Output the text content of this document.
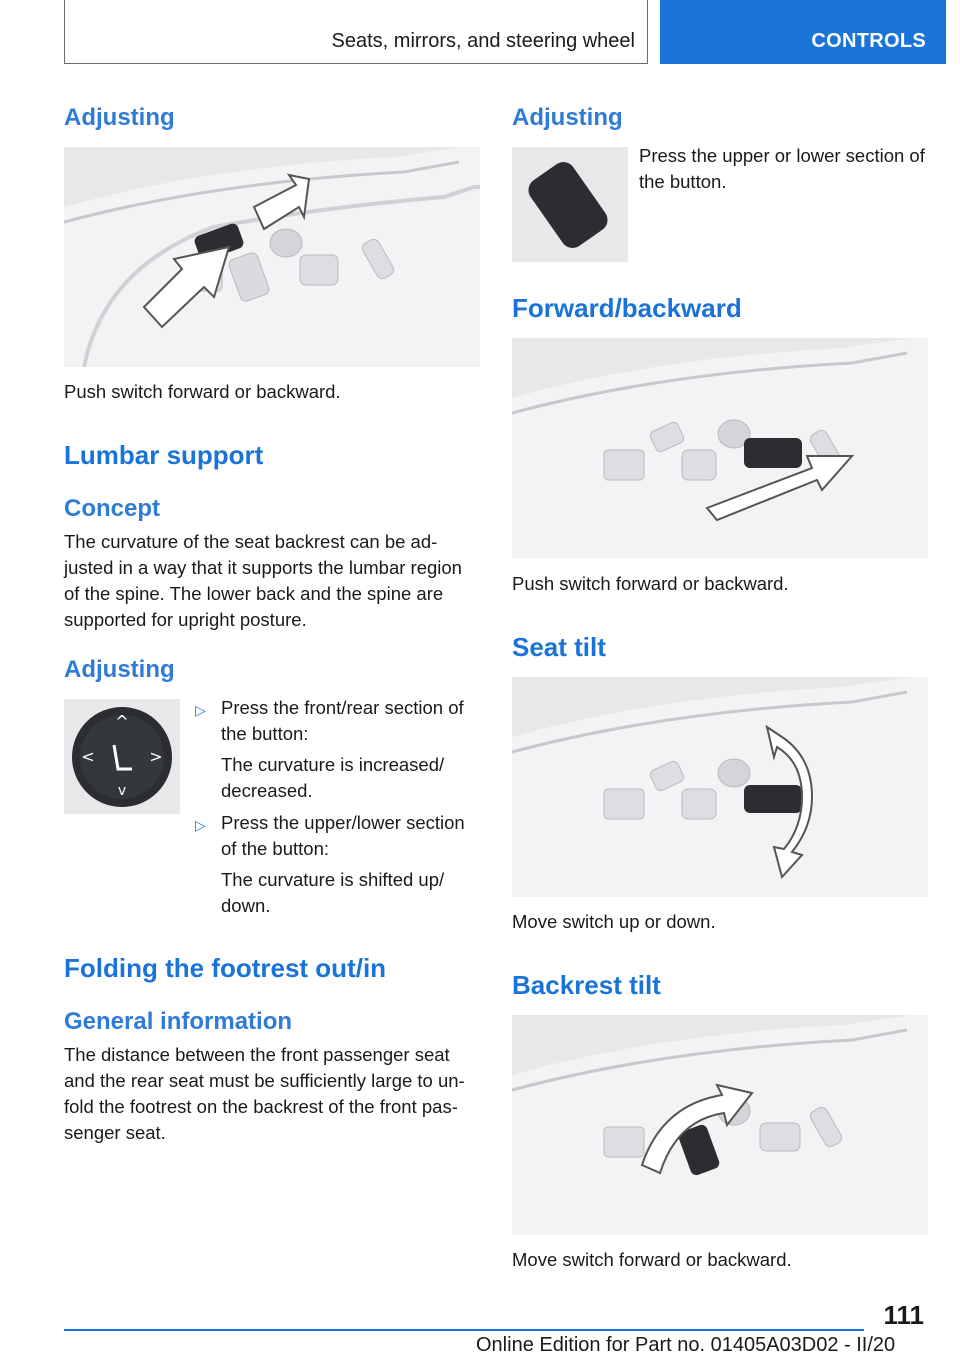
Seats, mirrors, and steering wheel	CONTROLS
Adjusting
Push switch forward or backward.
Lumbar support
Concept
The curvature of the seat backrest can be ad‐justed in a way that it supports the lumbar region of the spine. The lower back and the spine are supported for upright posture.
Adjusting
^
v
<	>
▷ Press the front/rear section of the button:
The curvature is increased/ decreased.
▷ Press the upper/lower section of the button:
The curvature is shifted up/ down.
Folding the footrest out/in
General information
The distance between the front passenger seat and the rear seat must be sufficiently large to un‐fold the footrest on the backrest of the front pas‐senger seat.
Adjusting
Press the upper or lower section of the button.
Forward/backward
Push switch forward or backward.
Seat tilt
Move switch up or down.
Backrest tilt
Move switch forward or backward.
111
Online Edition for Part no. 01405A03D02 - II/20
